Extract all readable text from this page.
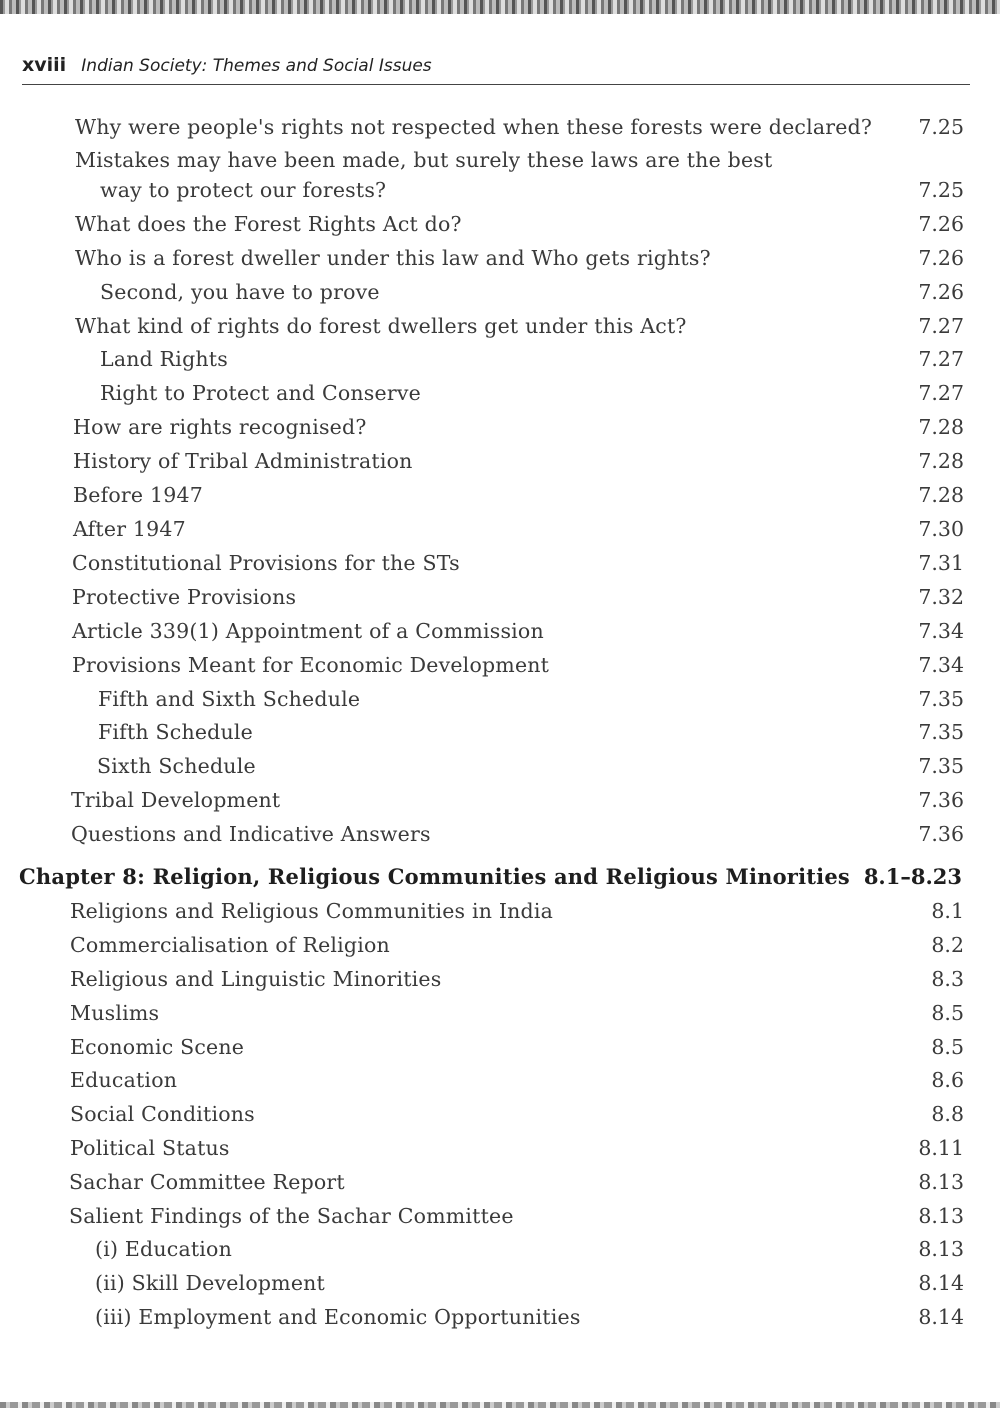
xviii Indian Society: Themes and Social Issues
Why were people's rights not respected when these forests were declared? 7.25
Mistakes may have been made, but surely these laws are the best
way to protect our forests?	7.25
What does the Forest Rights Act do?	7.26
Who is a forest dweller under this law and Who gets rights?	7.26
Second, you have to prove	7.26
What kind of rights do forest dwellers get under this Act?	7.27
Land Rights	7.27
Right to Protect and Conserve	7.27
How are rights recognised?	7.28
History of Tribal Administration	7.28
Before 1947	7.28
After 1947	7.30
Constitutional Provisions for the STs	7.31
Protective Provisions	7.32
Article 339(1) Appointment of a Commission	7.34
Provisions Meant for Economic Development	7.34
Fifth and Sixth Schedule	7.35
Fifth Schedule	7.35
Sixth Schedule	7.35
Tribal Development	7.36
Questions and Indicative Answers	7.36
Chapter 8: Religion, Religious Communities and Religious Minorities 8.1–8.23
Religions and Religious Communities in India	8.1
Commercialisation of Religion	8.2
Religious and Linguistic Minorities	8.3
Muslims	8.5
Economic Scene	8.5
Education	8.6
Social Conditions	8.8
Political Status	8.11
Sachar Committee Report	8.13
Salient Findings of the Sachar Committee	8.13
(i) Education	8.13
(ii) Skill Development	8.14
(iii) Employment and Economic Opportunities	8.14
